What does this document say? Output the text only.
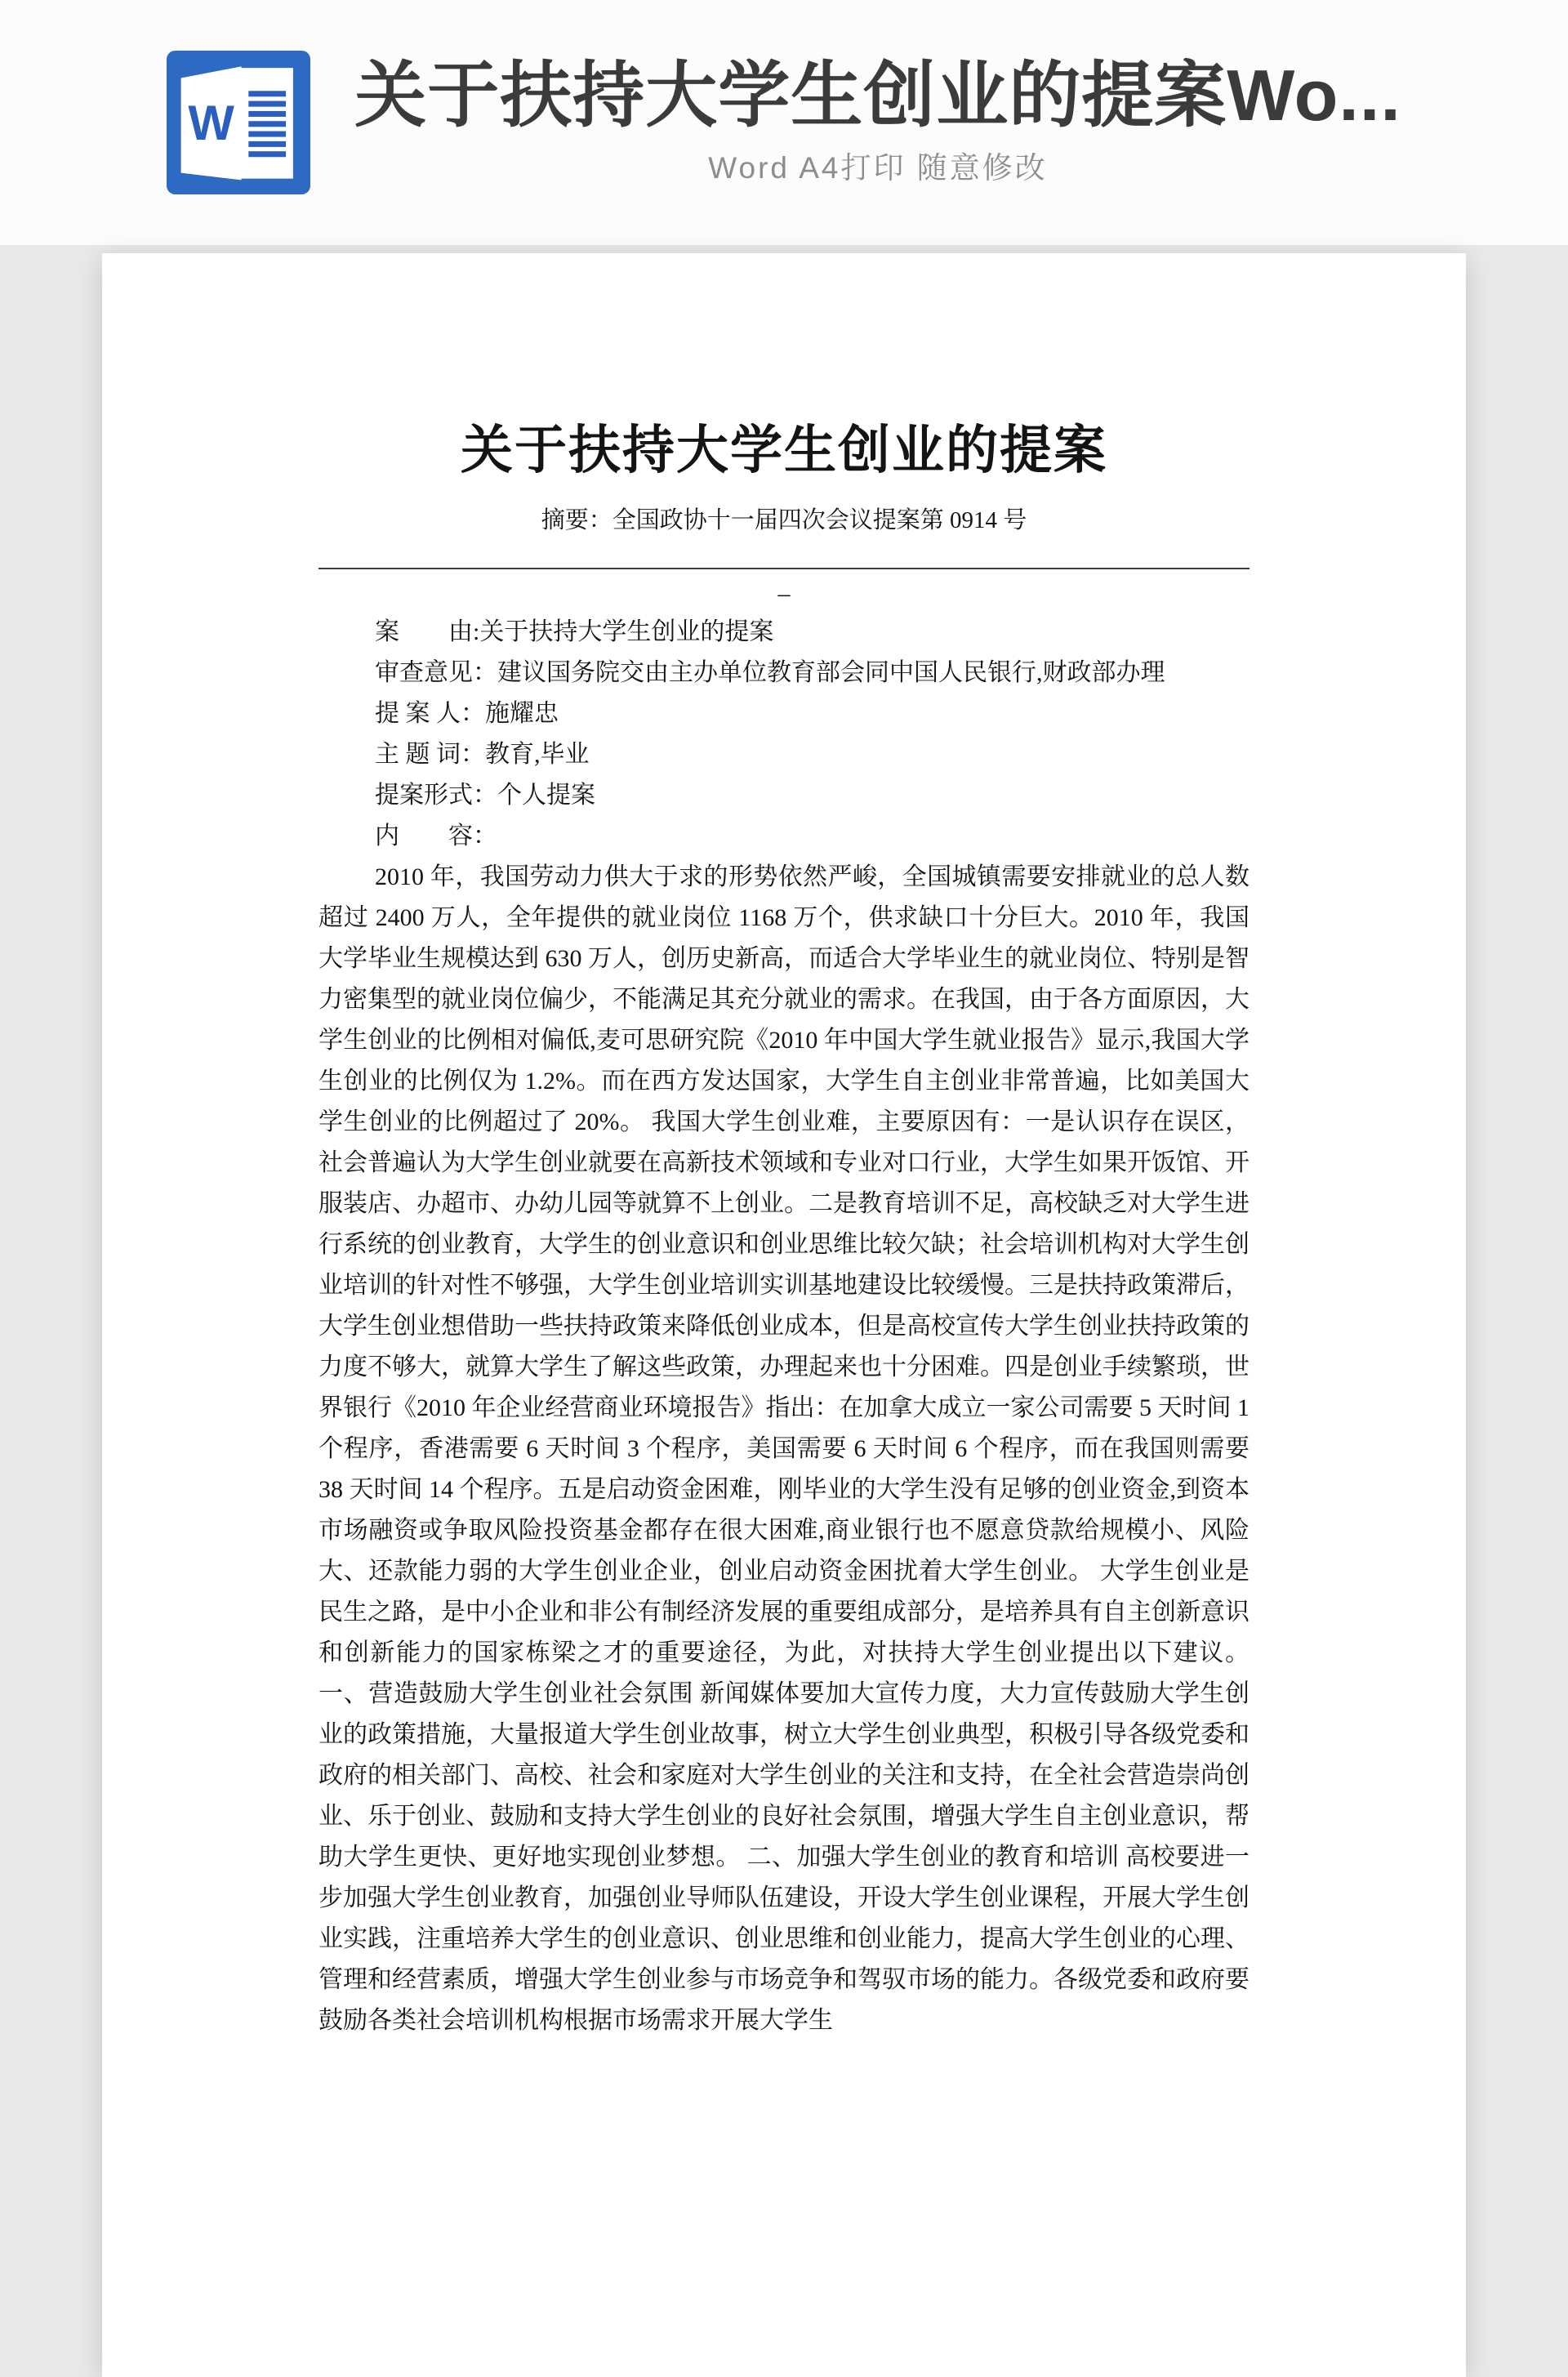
W 关于扶持大学生创业的提案Wo...
Word A4打印 随意修改
关于扶持大学生创业的提案
摘要：全国政协十一届四次会议提案第 0914 号
–
案　　由:关于扶持大学生创业的提案
审查意见：建议国务院交由主办单位教育部会同中国人民银行,财政部办理
提 案 人：施耀忠
主 题 词：教育,毕业
提案形式：个人提案
内　　容：

2010 年，我国劳动力供大于求的形势依然严峻，全国城镇需要安排就业的总人数超过 2400 万人，全年提供的就业岗位 1168 万个，供求缺口十分巨大。2010 年，我国大学毕业生规模达到 630 万人，创历史新高，而适合大学毕业生的就业岗位、特别是智力密集型的就业岗位偏少，不能满足其充分就业的需求。在我国，由于各方面原因，大学生创业的比例相对偏低,麦可思研究院《2010 年中国大学生就业报告》显示,我国大学生创业的比例仅为 1.2%。而在西方发达国家，大学生自主创业非常普遍，比如美国大学生创业的比例超过了 20%。 我国大学生创业难，主要原因有：一是认识存在误区，社会普遍认为大学生创业就要在高新技术领域和专业对口行业，大学生如果开饭馆、开服装店、办超市、办幼儿园等就算不上创业。二是教育培训不足，高校缺乏对大学生进行系统的创业教育，大学生的创业意识和创业思维比较欠缺；社会培训机构对大学生创业培训的针对性不够强，大学生创业培训实训基地建设比较缓慢。三是扶持政策滞后，大学生创业想借助一些扶持政策来降低创业成本，但是高校宣传大学生创业扶持政策的力度不够大，就算大学生了解这些政策，办理起来也十分困难。四是创业手续繁琐，世界银行《2010 年企业经营商业环境报告》指出：在加拿大成立一家公司需要 5 天时间 1 个程序，香港需要 6 天时间 3 个程序，美国需要 6 天时间 6 个程序，而在我国则需要 38 天时间 14 个程序。五是启动资金困难，刚毕业的大学生没有足够的创业资金,到资本市场融资或争取风险投资基金都存在很大困难,商业银行也不愿意贷款给规模小、风险大、还款能力弱的大学生创业企业，创业启动资金困扰着大学生创业。 大学生创业是民生之路，是中小企业和非公有制经济发展的重要组成部分，是培养具有自主创新意识和创新能力的国家栋梁之才的重要途径，为此，对扶持大学生创业提出以下建议。 一、营造鼓励大学生创业社会氛围 新闻媒体要加大宣传力度，大力宣传鼓励大学生创业的政策措施，大量报道大学生创业故事，树立大学生创业典型，积极引导各级党委和政府的相关部门、高校、社会和家庭对大学生创业的关注和支持，在全社会营造崇尚创业、乐于创业、鼓励和支持大学生创业的良好社会氛围，增强大学生自主创业意识，帮助大学生更快、更好地实现创业梦想。 二、加强大学生创业的教育和培训 高校要进一步加强大学生创业教育，加强创业导师队伍建设，开设大学生创业课程，开展大学生创业实践，注重培养大学生的创业意识、创业思维和创业能力，提高大学生创业的心理、管理和经营素质，增强大学生创业参与市场竞争和驾驭市场的能力。各级党委和政府要鼓励各类社会培训机构根据市场需求开展大学生
